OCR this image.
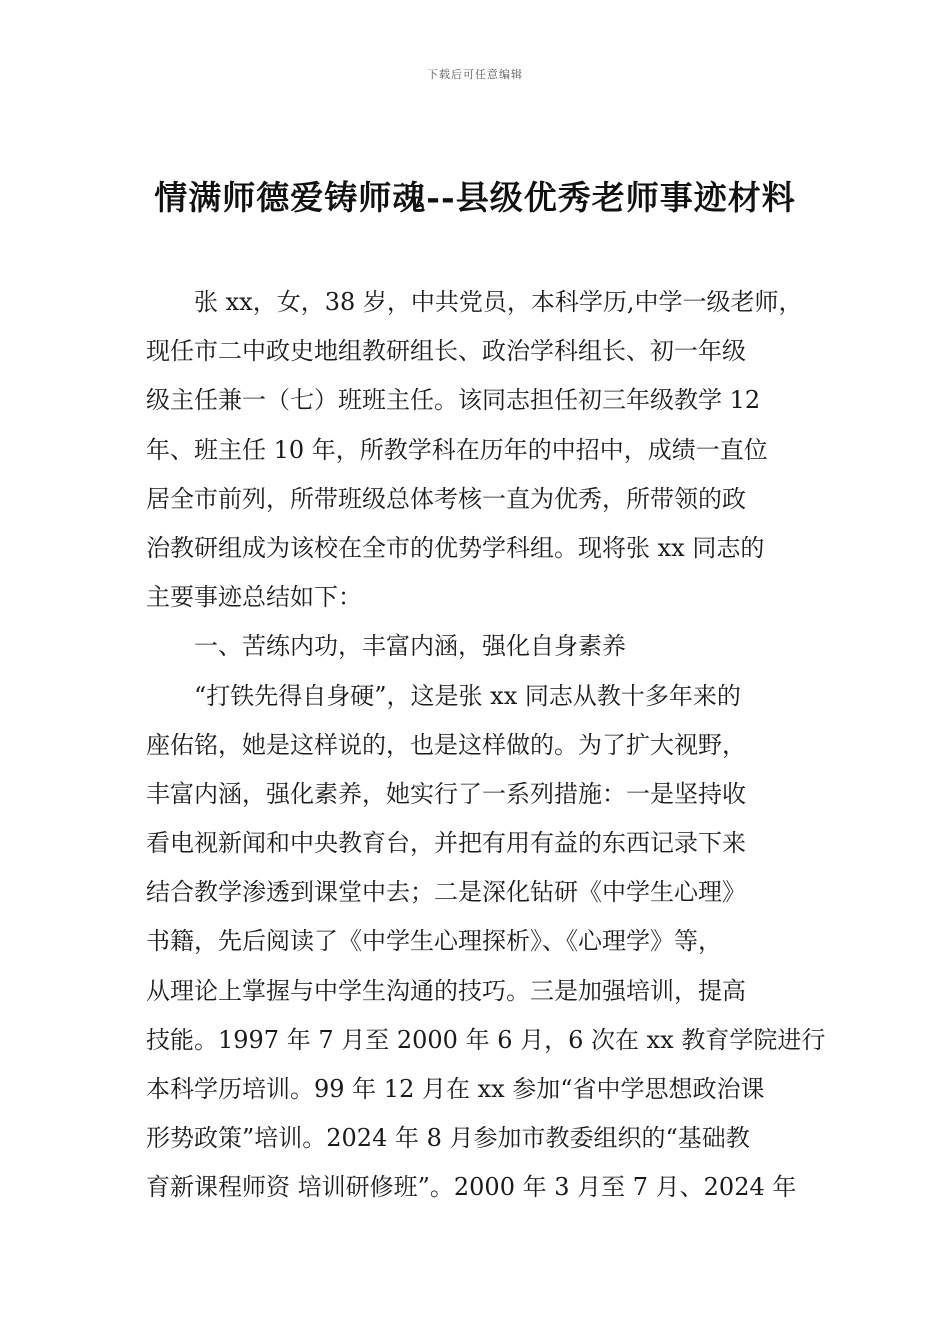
下载后可任意编辑
情满师德爱铸师魂--县级优秀老师事迹材料
张 xx，女，38 岁，中共党员，本科学历,中学一级老师，
现任市二中政史地组教研组长、政治学科组长、初一年级
级主任兼一（七）班班主任。该同志担任初三年级教学 12
年、班主任 10 年，所教学科在历年的中招中，成绩一直位
居全市前列，所带班级总体考核一直为优秀，所带领的政
治教研组成为该校在全市的优势学科组。现将张 xx 同志的
主要事迹总结如下：
一、苦练内功，丰富内涵，强化自身素养
“打铁先得自身硬”，这是张 xx 同志从教十多年来的
座佑铭，她是这样说的，也是这样做的。为了扩大视野，
丰富内涵，强化素养，她实行了一系列措施：一是坚持收
看电视新闻和中央教育台，并把有用有益的东西记录下来
结合教学渗透到课堂中去；二是深化钻研《中学生心理》
书籍，先后阅读了《中学生心理探析》、《心理学》等，
从理论上掌握与中学生沟通的技巧。三是加强培训，提高
技能。1997 年 7 月至 2000 年 6 月，6 次在 xx 教育学院进行
本科学历培训。99 年 12 月在 xx 参加“省中学思想政治课
形势政策”培训。2024 年 8 月参加市教委组织的“基础教
育新课程师资 培训研修班”。2000 年 3 月至 7 月、2024 年
